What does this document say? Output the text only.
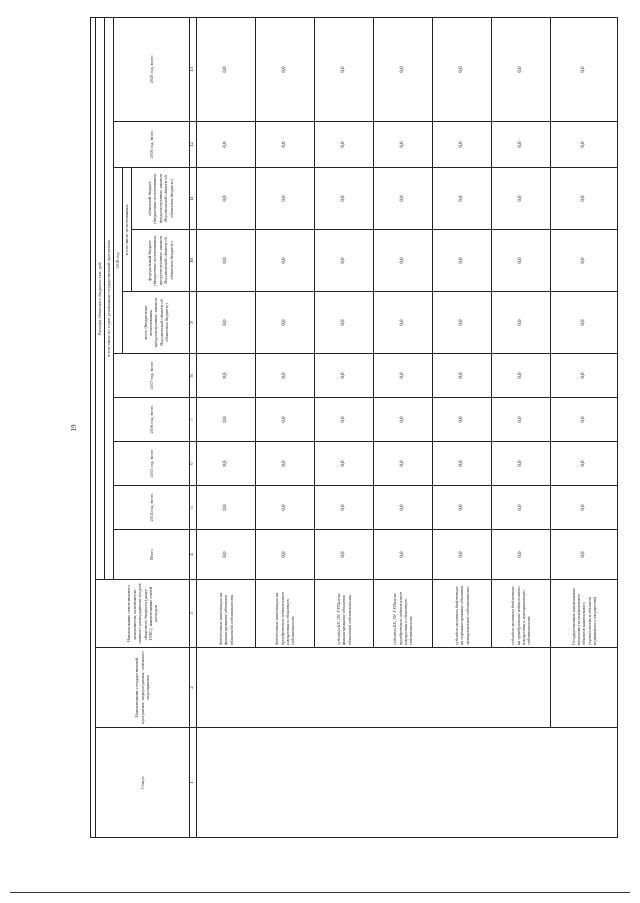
19

Статус	Наименование государственной программы, подпрограммы, основного мероприятия	Наименование ответственного исполнителя, исполнителя - главного распорядителя средств областного бюджета (далее - ГРБС), наименование статей расходов	Расходы областного бюджета, тыс. руб.									
			в том числе по годам реализации государственной программы									
			Всего	2014 год, всего	2015 год, всего	2016 год, всего	2017 год, всего	2018 год			2019 год, всего	2020 год, всего
								всего (бюджетные ассигнования, предусмотренные законом Воронежской области об областном бюджете)	в том числе по источникам:			
									федеральный бюджет (бюджетные ассигнования, предусмотренные законом Воронежской области об областном бюджете)	областной бюджет (бюджетные ассигнования, предусмотренные законом Воронежской области об областном бюджете)		
1	2	3	4	5	6	7	8	9	10	11	12	13
		бюджетные инвестиции на финансирование объектов областной собственности	0,0	0,0	0,0	0,0	0,0	0,0	0,0	0,0	0,0	0,0
		бюджетные инвестиции на приобретение недвижимого имущества в областную собственность	0,0	0,0	0,0	0,0	0,0	0,0	0,0	0,0	0,0	0,0
		субсидии БУ, АУ, ГУПам на финансирование объектов областной собственности	0,0	0,0	0,0	0,0	0,0	0,0	0,0	0,0	0,0	0,0
		субсидии БУ, АУ, ГУПам на приобретение недвижимого имущества в областную собственность	0,0	0,0	0,0	0,0	0,0	0,0	0,0	0,0	0,0	0,0
		субсидии местным бюджетам на софинансирование объектов муниципальной собственности	0,0	0,0	0,0	0,0	0,0	0,0	0,0	0,0	0,0	0,0
		субсидии местным бюджетам на приобретение недвижимого имущества в муниципальную собственность	0,0	0,0	0,0	0,0	0,0	0,0	0,0	0,0	0,0	0,0
		Государственные капитальные вложения (за исключением объектов капитального строительства и объектов недвижимого имущества)	0,0	0,0	0,0	0,0	0,0	0,0	0,0	0,0	0,0	0,0
